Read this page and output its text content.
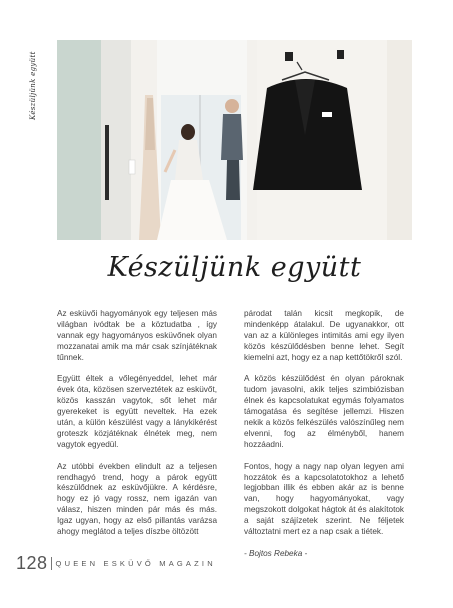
Készüljünk együtt
Készüljünk együtt

Az esküvői hagyományok egy teljesen más világban ivódtak be a köztudatba , így vannak egy hagyományos esküvőnek olyan mozzanatai amik ma már csak színjátéknak tűnnek.

Együtt éltek a vőlegényeddel, lehet már évek óta, közösen szerveztétek az esküvőt, közös kasszán vagytok, sőt lehet már gyerekeket is együtt neveltek. Ha ezek után, a külön készülést vagy a lánykikérést groteszk közjátéknak élnétek meg, nem vagytok egyedül.

Az utóbbi években elindult az a teljesen rendhagyó trend, hogy a párok együtt készülődnek az esküvőjükre. A kérdésre, hogy ez jó vagy rossz, nem igazán van válasz, hiszen minden pár más és más. Igaz ugyan, hogy az első pillantás varázsa ahogy meglátod a teljes díszbe öltözött

párodat talán kicsit megkopik, de mindenképp átalakul. De ugyanakkor, ott van az a különleges intimitás ami egy ilyen közös készülődésben benne lehet. Segít kiemelni azt, hogy ez a nap kettőtökről szól.

A közös készülődést én olyan pároknak tudom javasolni, akik teljes szimbiózisban élnek és kapcsolatukat egymás folyamatos támogatása és segítése jellemzi. Hiszen nekik a közös felkészülés valószínűleg nem elvenni, fog az élményből, hanem hozzáadni.

Fontos, hogy a nagy nap olyan legyen ami hozzátok és a kapcsolatotokhoz a lehető legjobban illik és ebben akár az is benne van, hogy hagyományokat, vagy megszokott dolgokat hágtok át és alakítotok a saját szájízetek szerint. Ne féljetek változtatni mert ez a nap csak a tiétek.

- Bojtos Rebeka -

128 QUEEN ESKÜVŐ MAGAZIN
